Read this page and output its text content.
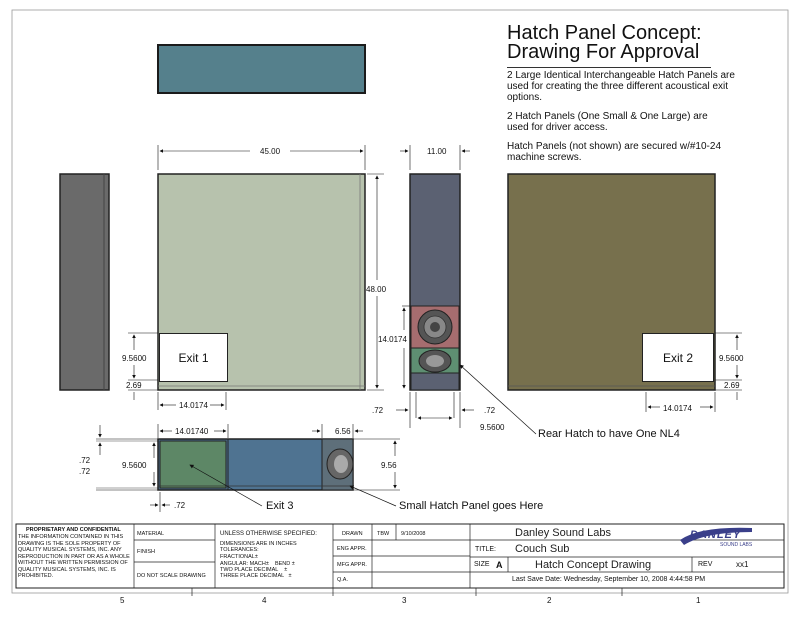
Hatch Panel Concept:
Drawing For Approval
2 Large Identical Interchangeable Hatch Panels are used for creating the three different acoustical exit options.
2 Hatch Panels (One Small & One Large) are used for driver access.
Hatch Panels (not shown) are secured w/#10-24 machine screws.
Exit 1	Exit 2
45.00	11.00
48.00
14.0174
9.5600
2.69
14.0174
.72	.72
9.5600
9.5600
2.69
14.0174
14.01740	6.56
.72
.72
9.5600	9.56
.72
Rear Hatch to have One NL4
Exit 3	Small Hatch Panel goes Here
PROPRIETARY AND CONFIDENTIAL
THE INFORMATION CONTAINED IN THIS DRAWING IS THE SOLE PROPERTY OF QUALITY MUSICAL SYSTEMS, INC. ANY REPRODUCTION IN PART OR AS A WHOLE WITHOUT THE WRITTEN PERMISSION OF QUALITY MUSICAL SYSTEMS, INC. IS PROHIBITED.
MATERIAL
FINISH
DO NOT SCALE DRAWING
UNLESS OTHERWISE SPECIFIED:
DIMENSIONS ARE IN INCHES
TOLERANCES:
FRACTIONAL±
ANGULAR: MACH±    BEND ±
TWO PLACE DECIMAL    ±
THREE PLACE DECIMAL   ±
DRAWN	TBW 9/10/2008
ENG APPR.
MFG APPR.
Q.A.
Danley Sound Labs
TITLE: Couch Sub
SIZE A	Hatch Concept Drawing	REV	xx1
Last Save Date: Wednesday, September 10, 2008 4:44:58 PM
DANLEY
SOUND LABS
5	4	3	2	1
